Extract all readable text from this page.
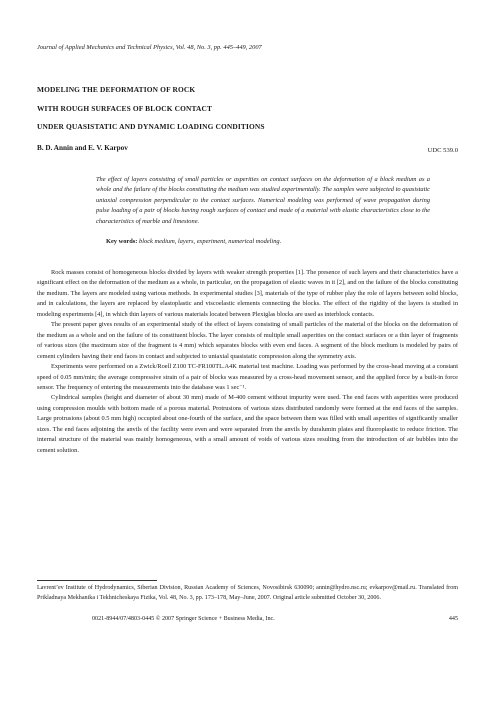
Journal of Applied Mechanics and Technical Physics, Vol. 48, No. 3, pp. 445–449, 2007
MODELING THE DEFORMATION OF ROCK
WITH ROUGH SURFACES OF BLOCK CONTACT
UNDER QUASISTATIC AND DYNAMIC LOADING CONDITIONS
B. D. Annin and E. V. Karpov	UDC 539.0
The effect of layers consisting of small particles or asperities on contact surfaces on the deformation of a block medium as a whole and the failure of the blocks constituting the medium was studied experimentally. The samples were subjected to quasistatic uniaxial compression perpendicular to the contact surfaces. Numerical modeling was performed of wave propagation during pulse loading of a pair of blocks having rough surfaces of contact and made of a material with elastic characteristics close to the characteristics of marble and limestone.
Key words: block medium, layers, experiment, numerical modeling.

Rock masses consist of homogeneous blocks divided by layers with weaker strength properties [1]. The presence of such layers and their characteristics have a significant effect on the deformation of the medium as a whole, in particular, on the propagation of elastic waves in it [2], and on the failure of the blocks constituting the medium. The layers are modeled using various methods. In experimental studies [3], materials of the type of rubber play the role of layers between solid blocks, and in calculations, the layers are replaced by elastoplastic and viscoelastic elements connecting the blocks. The effect of the rigidity of the layers is studied in modeling experiments [4], in which thin layers of various materials located between Plexiglas blocks are used as interblock contacts.

The present paper gives results of an experimental study of the effect of layers consisting of small particles of the material of the blocks on the deformation of the medium as a whole and on the failure of its constituent blocks. The layer consists of multiple small asperities on the contact surfaces or a thin layer of fragments of various sizes (the maximum size of the fragment is 4 mm) which separates blocks with even end faces. A segment of the block medium is modeled by pairs of cement cylinders having their end faces in contact and subjected to uniaxial quasistatic compression along the symmetry axis.

Experiments were performed on a Zwick/Roell Z100 TC-FR100TL.A4K material test machine. Loading was performed by the cross-head moving at a constant speed of 0.05 mm/min; the average compressive strain of a pair of blocks was measured by a cross-head movement sensor, and the applied force by a built-in force sensor. The frequency of entering the measurements into the database was 1 sec⁻¹.

Cylindrical samples (height and diameter of about 30 mm) made of M-400 cement without impurity were used. The end faces with asperities were produced using compression moulds with bottom made of a porous material. Protrusions of various sizes distributed randomly were formed at the end faces of the samples. Large protrusions (about 0.5 mm high) occupied about one-fourth of the surface, and the space between them was filled with small asperities of significantly smaller sizes. The end faces adjoining the anvils of the facility were even and were separated from the anvils by duralumin plates and fluoroplastic to reduce friction. The internal structure of the material was mainly homogeneous, with a small amount of voids of various sizes resulting from the introduction of air bubbles into the cement solution.

Lavrent’ev Institute of Hydrodynamics, Siberian Division, Russian Academy of Sciences, Novosibirsk 630090; annin@hydro.nsc.ru; evkarpov@mail.ru. Translated from Prikladnaya Mekhanika i Tekhnicheskaya Fizika, Vol. 48, No. 3, pp. 173–178, May–June, 2007. Original article submitted October 30, 2006.
0021-8944/07/4803-0445 © 2007 Springer Science + Business Media, Inc.	445
